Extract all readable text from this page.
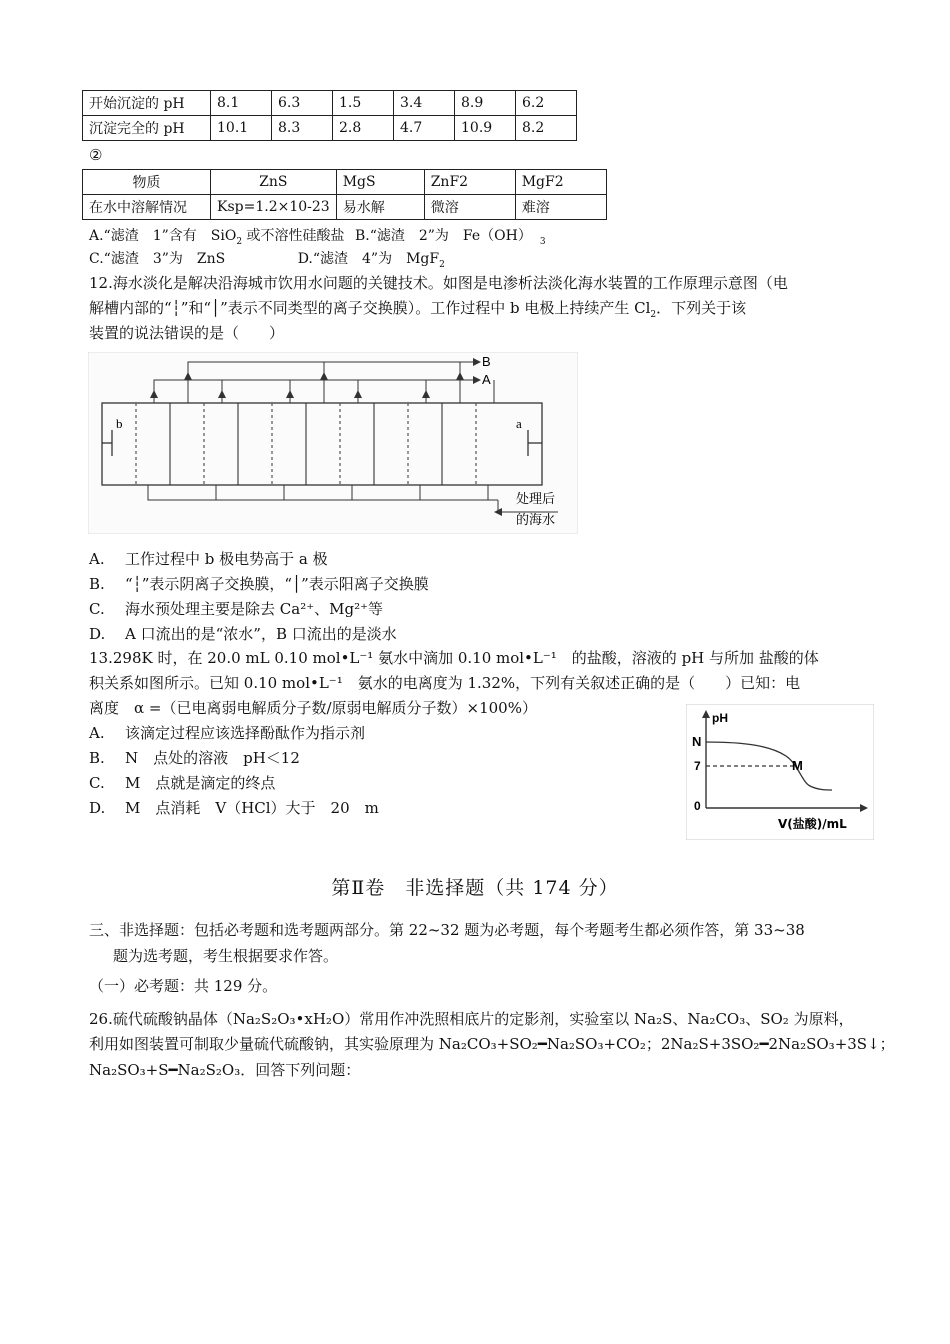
开始沉淀的 pH	8.1	6.3	1.5	3.4	8.9	6.2
沉淀完全的 pH	10.1	8.3	2.8	4.7	10.9	8.2
②
物质	ZnS	MgS	ZnF2	MgF2
在水中溶解情况	Ksp=1.2×10-23	易水解	微溶	难溶
A.“滤渣　1”含有　SiO$_2$ 或不溶性硅酸盐 B.“滤渣　2”为　Fe（OH） $_3$
C.“滤渣　3”为　ZnS	D.“滤渣　4”为　MgF$_2$
12.海水淡化是解决沿海城市饮用水问题的关键技术。如图是电渗析法淡化海水装置的工作原理示意图（电
解槽内部的“┆”和“│”表示不同类型的离子交换膜）。工作过程中 b 电极上持续产生 $Cl_2$．下列关于该
装置的说法错误的是（　　）
b	a
B
A
处理后
的海水
A. 工作过程中 b 极电势高于 a 极
B. “┆”表示阴离子交换膜，“│”表示阳离子交换膜
C. 海水预处理主要是除去 Ca²⁺、Mg²⁺等
D. A 口流出的是“浓水”，B 口流出的是淡水
13.298K 时，在 20.0 mL 0.10 mol•L⁻¹ 氨水中滴加 0.10 mol•L⁻¹　的盐酸，溶液的 pH 与所加 盐酸的体
积关系如图所示。已知 0.10 mol•L⁻¹　氨水的电离度为 1.32%，下列有关叙述正确的是（　　）已知：电
离度　α =（已电离弱电解质分子数/原弱电解质分子数）×100%）
A. 该滴定过程应该选择酚酞作为指示剂
B. N　点处的溶液　pH＜12
C. M　点就是滴定的终点
D. M　点消耗　V（HCl）大于　20　m
pH
N
7
0
M
V(盐酸)/mL
第Ⅱ卷　非选择题（共 174 分）
三、非选择题：包括必考题和选考题两部分。第 22~32 题为必考题，每个考题考生都必须作答，第 33~38
题为选考题，考生根据要求作答。
（一）必考题：共 129 分。
26.硫代硫酸钠晶体（Na₂S₂O₃•xH₂O）常用作冲洗照相底片的定影剂，实验室以 Na₂S、Na₂CO₃、SO₂ 为原料，
利用如图装置可制取少量硫代硫酸钠，其实验原理为 Na₂CO₃+SO₂━Na₂SO₃+CO₂；2Na₂S+3SO₂━2Na₂SO₃+3S↓；
Na₂SO₃+S━Na₂S₂O₃．回答下列问题：
